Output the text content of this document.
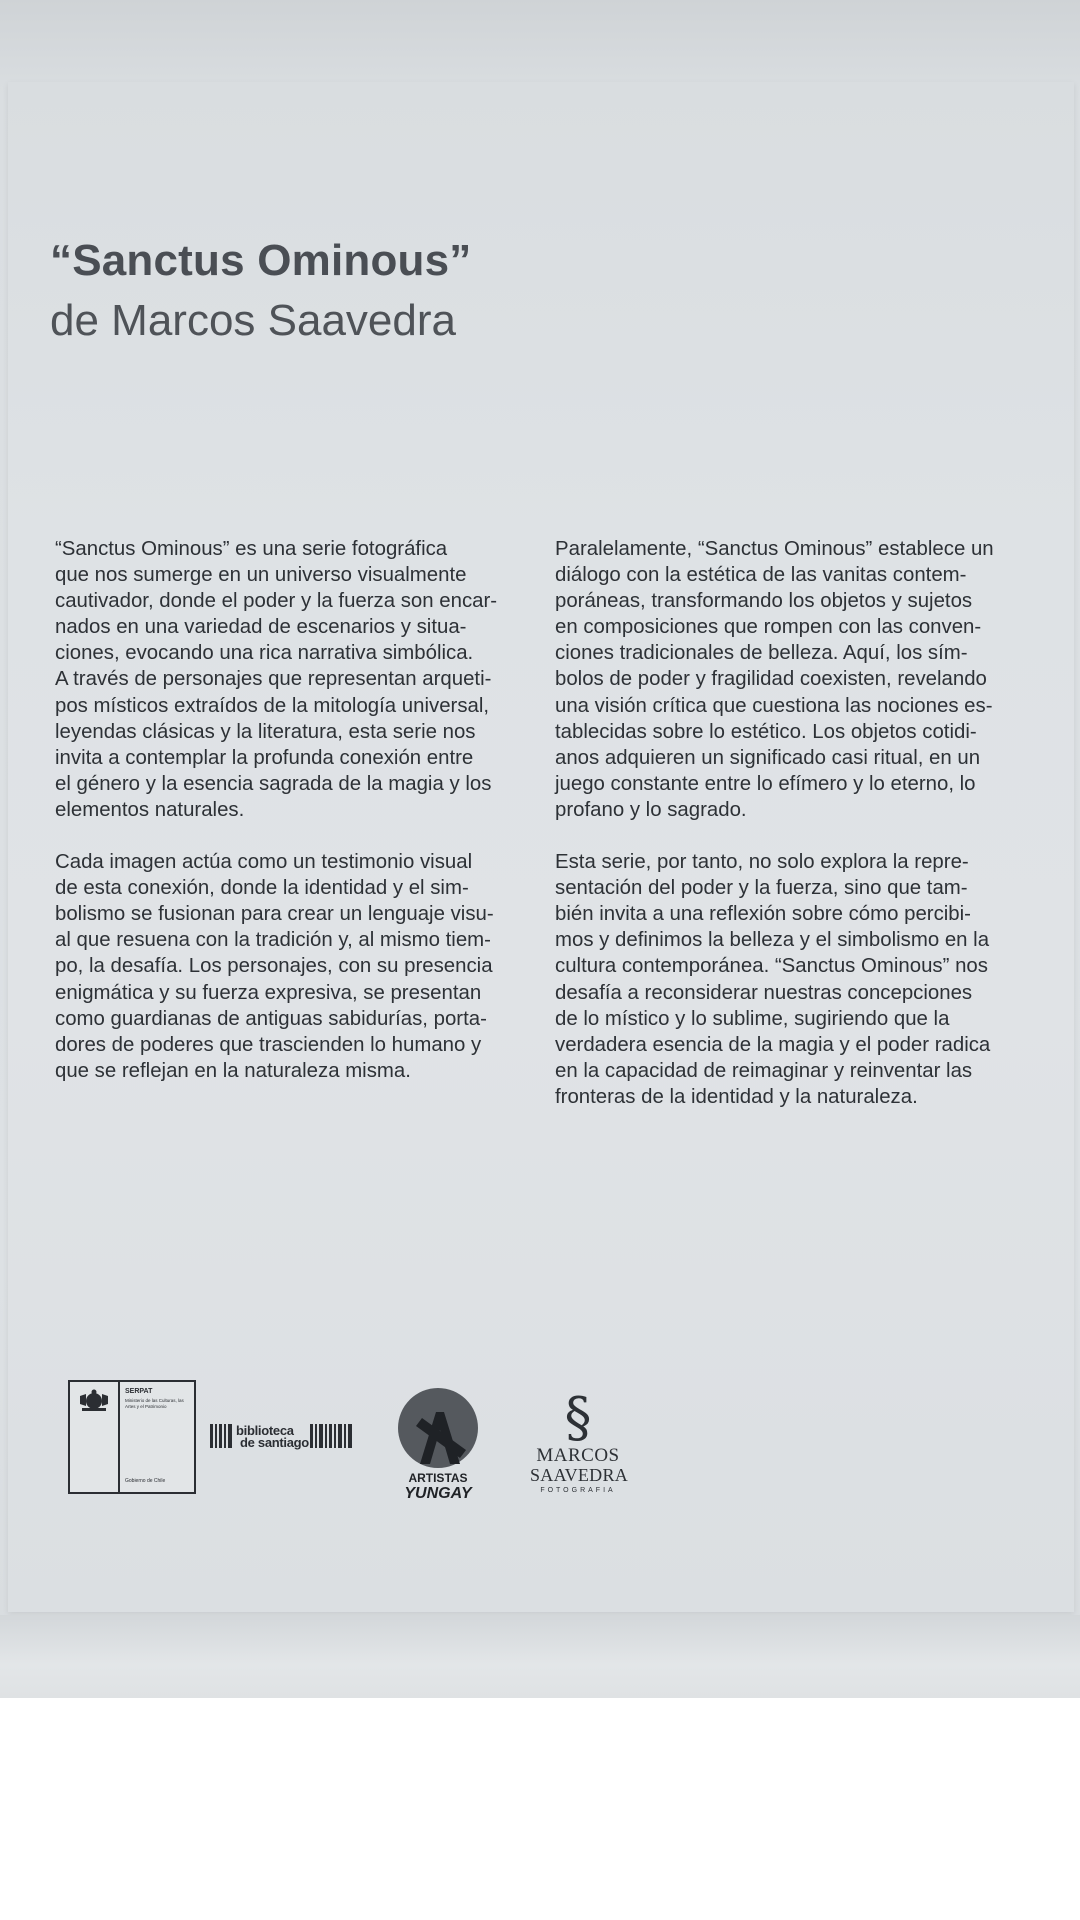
“Sanctus Ominous”
de Marcos Saavedra

“Sanctus Ominous” es una serie fotográfica
que nos sumerge en un universo visualmente
cautivador, donde el poder y la fuerza son encar-
nados en una variedad de escenarios y situa-
ciones, evocando una rica narrativa simbólica.
A través de personajes que representan arqueti-
pos místicos extraídos de la mitología universal,
leyendas clásicas y la literatura, esta serie nos
invita a contemplar la profunda conexión entre
el género y la esencia sagrada de la magia y los
elementos naturales.

Cada imagen actúa como un testimonio visual
de esta conexión, donde la identidad y el sim-
bolismo se fusionan para crear un lenguaje visu-
al que resuena con la tradición y, al mismo tiem-
po, la desafía. Los personajes, con su presencia
enigmática y su fuerza expresiva, se presentan
como guardianas de antiguas sabidurías, porta-
dores de poderes que trascienden lo humano y
que se reflejan en la naturaleza misma.

Paralelamente, “Sanctus Ominous” establece un
diálogo con la estética de las vanitas contem-
poráneas, transformando los objetos y sujetos
en composiciones que rompen con las conven-
ciones tradicionales de belleza. Aquí, los sím-
bolos de poder y fragilidad coexisten, revelando
una visión crítica que cuestiona las nociones es-
tablecidas sobre lo estético. Los objetos cotidi-
anos adquieren un significado casi ritual, en un
juego constante entre lo efímero y lo eterno, lo
profano y lo sagrado.

Esta serie, por tanto, no solo explora la repre-
sentación del poder y la fuerza, sino que tam-
bién invita a una reflexión sobre cómo percibi-
mos y definimos la belleza y el simbolismo en la
cultura contemporánea. “Sanctus Ominous” nos
desafía a reconsiderar nuestras concepciones
de lo místico y lo sublime, sugiriendo que la
verdadera esencia de la magia y el poder radica
en la capacidad de reimaginar y reinventar las
fronteras de la identidad y la naturaleza.

SERPAT
Ministerio de las Culturas, las Artes y el Patrimonio
Gobierno de Chile
biblioteca
de santiago
ARTISTAS
YUNGAY
§
MARCOS
SAAVEDRA
FOTOGRAFIA
